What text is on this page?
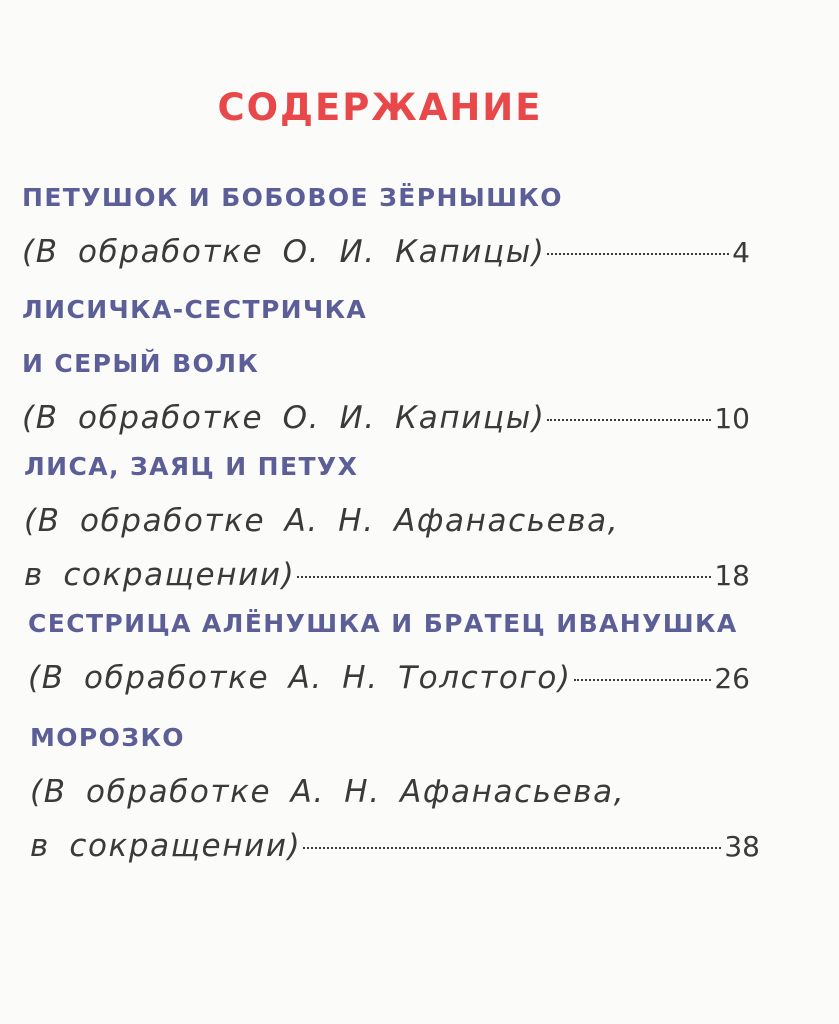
СОДЕРЖАНИЕ
ПЕТУШОК И БОБОВОЕ ЗЁРНЫШКО
(В обработке О. И. Капицы)	4
ЛИСИЧКА-СЕСТРИЧКА
И СЕРЫЙ ВОЛК
(В обработке О. И. Капицы)	10
ЛИСА, ЗАЯЦ И ПЕТУХ
(В обработке А. Н. Афанасьева,
в сокращении)	18
СЕСТРИЦА АЛЁНУШКА И БРАТЕЦ ИВАНУШКА
(В обработке А. Н. Толстого)	26
МОРОЗКО
(В обработке А. Н. Афанасьева,
в сокращении)	38
